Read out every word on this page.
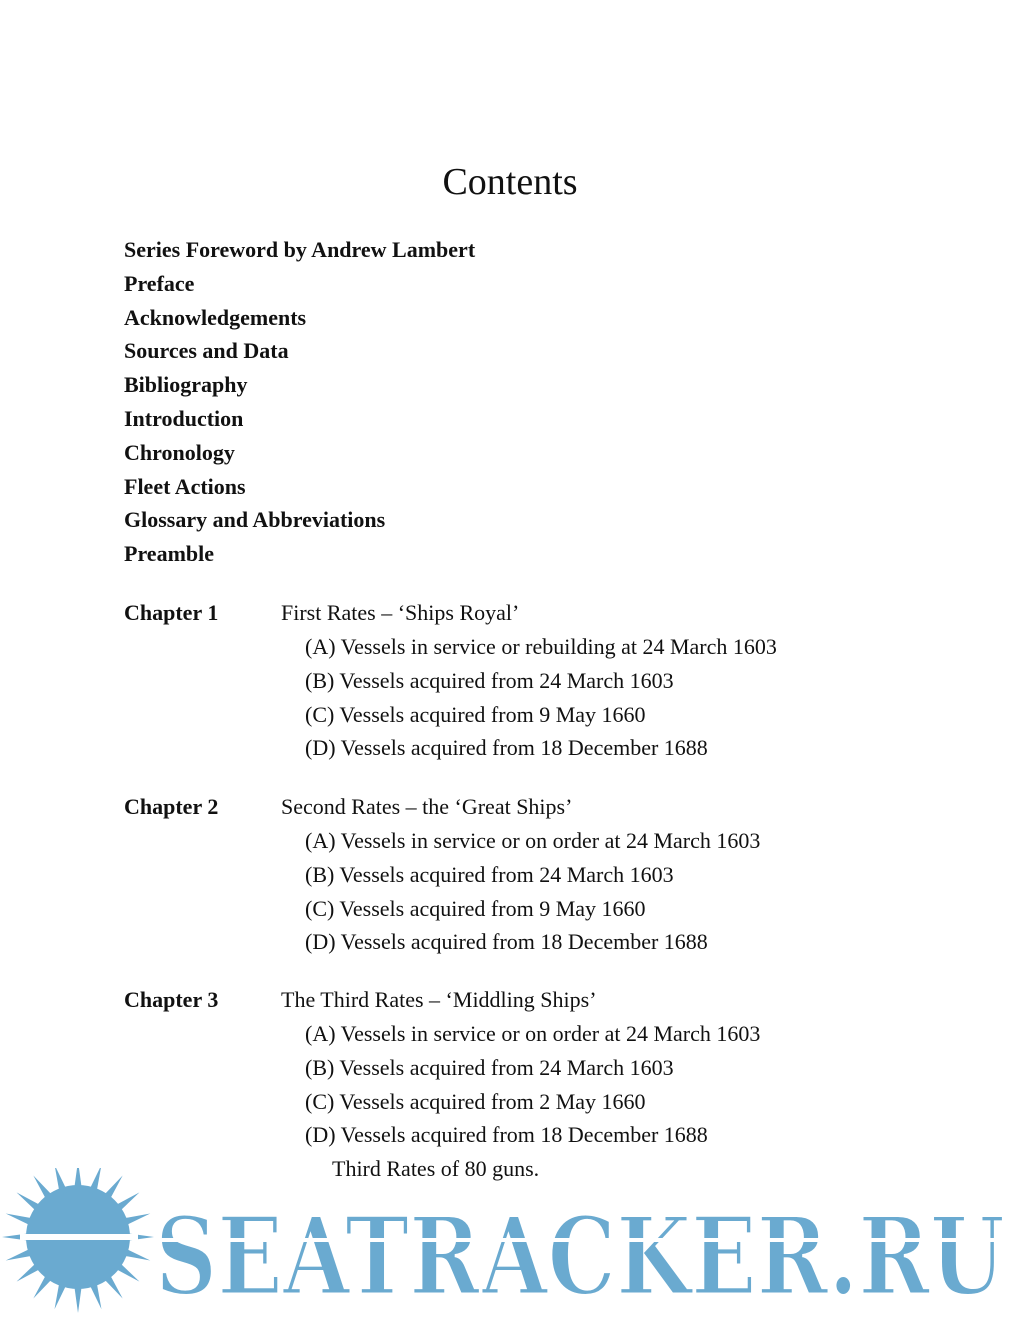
Contents
Series Foreword by Andrew Lambert
Preface
Acknowledgements
Sources and Data
Bibliography
Introduction
Chronology
Fleet Actions
Glossary and Abbreviations
Preamble
Chapter 1	First Rates – ‘Ships Royal’
(A) Vessels in service or rebuilding at 24 March 1603
(B) Vessels acquired from 24 March 1603
(C) Vessels acquired from 9 May 1660
(D) Vessels acquired from 18 December 1688
Chapter 2	Second Rates – the ‘Great Ships’
(A) Vessels in service or on order at 24 March 1603
(B) Vessels acquired from 24 March 1603
(C) Vessels acquired from 9 May 1660
(D) Vessels acquired from 18 December 1688
Chapter 3	The Third Rates – ‘Middling Ships’
(A) Vessels in service or on order at 24 March 1603
(B) Vessels acquired from 24 March 1603
(C) Vessels acquired from 2 May 1660
(D) Vessels acquired from 18 December 1688
Third Rates of 80 guns.
SEATRACKER.RU
